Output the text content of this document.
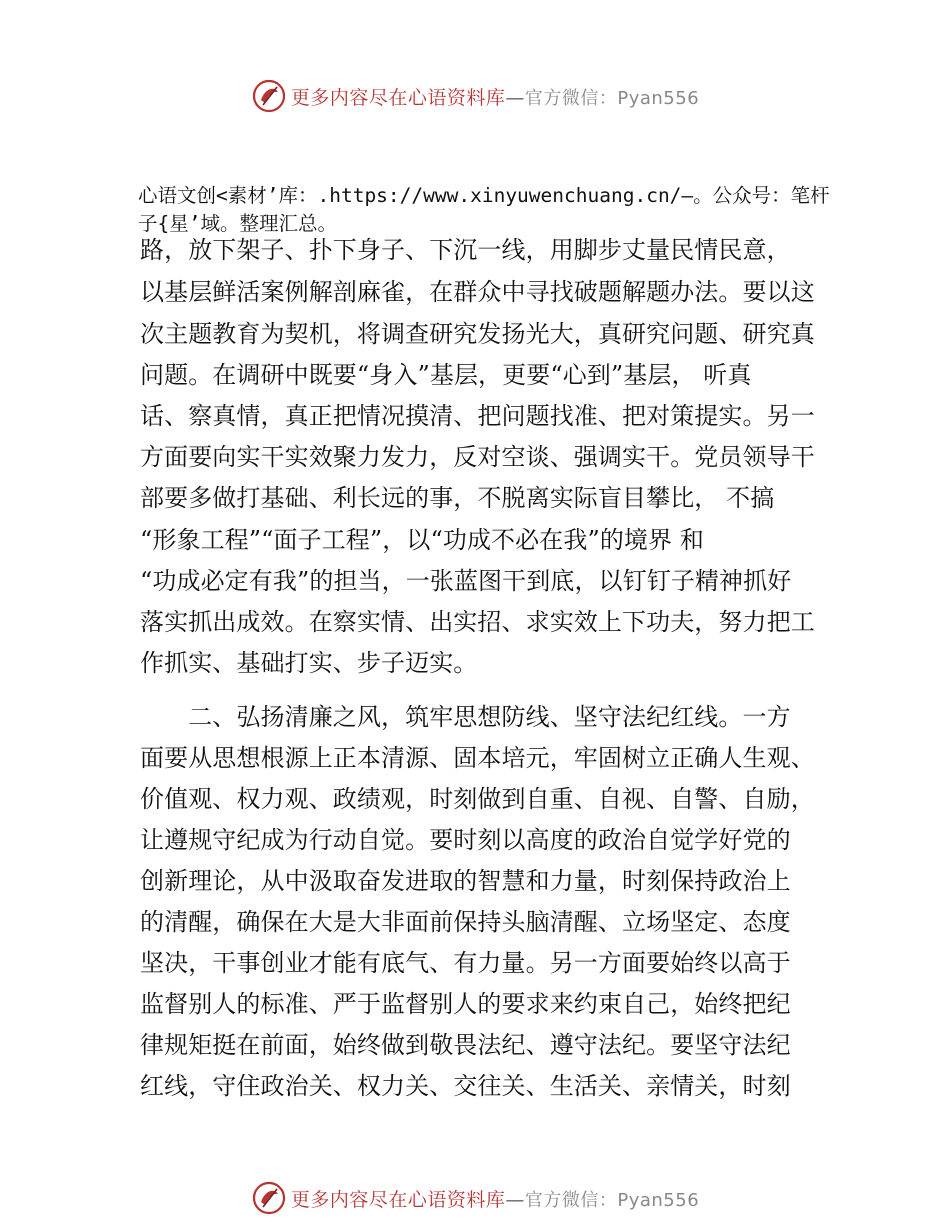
更多内容尽在心语资料库—官方微信：Pyan556
心语文创<素材’库：.https://www.xinyuwenchuang.cn/—。公众号：笔杆子{星’域。整理汇总。
路，放下架子、扑下身子、下沉一线，用脚步丈量民情民意，
以基层鲜活案例解剖麻雀，在群众中寻找破题解题办法。要以这
次主题教育为契机，将调查研究发扬光大，真研究问题、研究真
问题。在调研中既要“身入”基层，更要“心到”基层， 听真
话、察真情，真正把情况摸清、把问题找准、把对策提实。另一
方面要向实干实效聚力发力，反对空谈、强调实干。党员领导干
部要多做打基础、利长远的事，不脱离实际盲目攀比， 不搞
“形象工程”“面子工程”，以“功成不必在我”的境界 和
“功成必定有我”的担当，一张蓝图干到底，以钉钉子精神抓好
落实抓出成效。在察实情、出实招、求实效上下功夫，努力把工
作抓实、基础打实、步子迈实。
　　二、弘扬清廉之风，筑牢思想防线、坚守法纪红线。一方
面要从思想根源上正本清源、固本培元，牢固树立正确人生观、
价值观、权力观、政绩观，时刻做到自重、自视、自警、自励，
让遵规守纪成为行动自觉。要时刻以高度的政治自觉学好党的
创新理论，从中汲取奋发进取的智慧和力量，时刻保持政治上
的清醒，确保在大是大非面前保持头脑清醒、立场坚定、态度
坚决，干事创业才能有底气、有力量。另一方面要始终以高于
监督别人的标准、严于监督别人的要求来约束自己，始终把纪
律规矩挺在前面，始终做到敬畏法纪、遵守法纪。要坚守法纪
红线，守住政治关、权力关、交往关、生活关、亲情关，时刻
更多内容尽在心语资料库—官方微信：Pyan556
